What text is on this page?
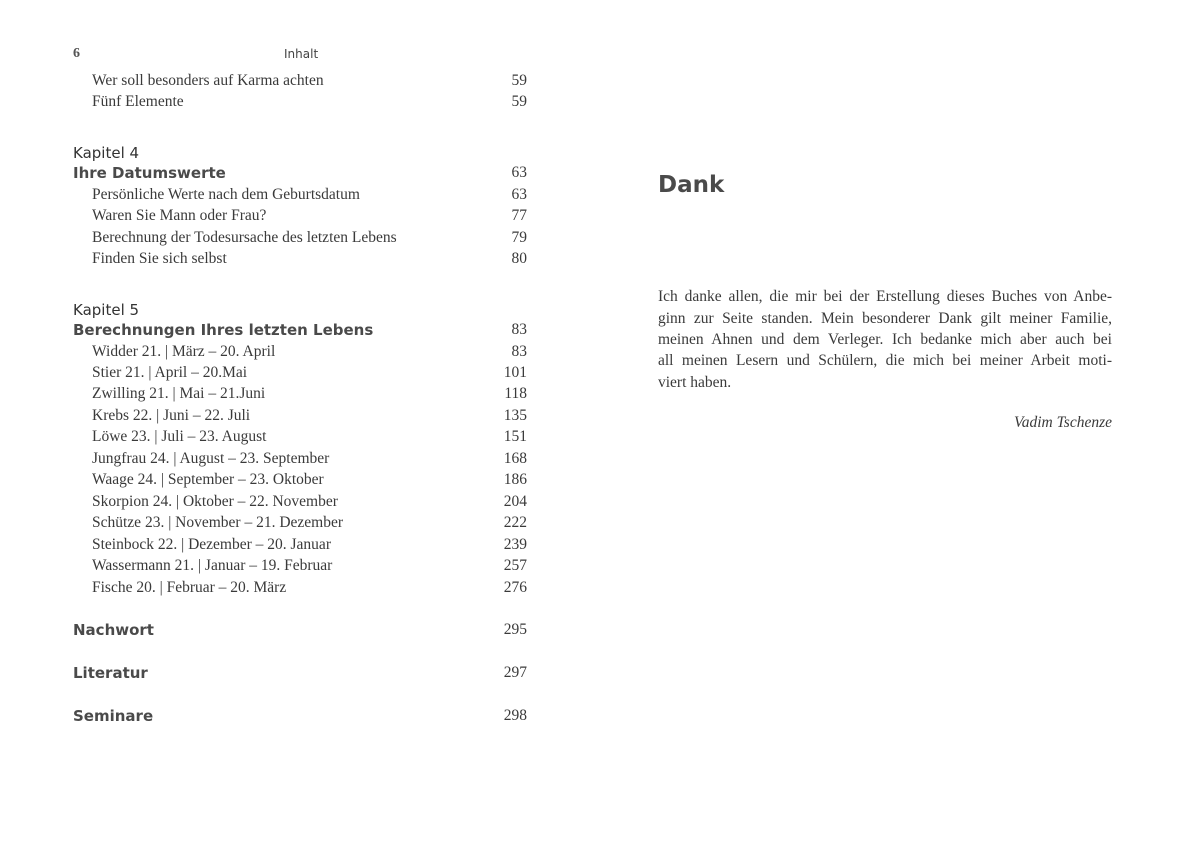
6	Inhalt
Wer soll besonders auf Karma achten	59
Fünf Elemente	59
Kapitel 4
Ihre Datumswerte	63
Persönliche Werte nach dem Geburtsdatum	63
Waren Sie Mann oder Frau?	77
Berechnung der Todesursache des letzten Lebens	79
Finden Sie sich selbst	80
Kapitel 5
Berechnungen Ihres letzten Lebens	83
Widder 21. | März – 20. April	83
Stier 21. | April – 20.Mai	101
Zwilling 21. | Mai – 21.Juni	118
Krebs 22. | Juni – 22. Juli	135
Löwe 23. | Juli – 23. August	151
Jungfrau 24. | August – 23. September	168
Waage 24. | September – 23. Oktober	186
Skorpion 24. | Oktober – 22. November	204
Schütze 23. | November – 21. Dezember	222
Steinbock 22. | Dezember – 20. Januar	239
Wassermann 21. | Januar – 19. Februar	257
Fische 20. | Februar – 20. März	276
Nachwort	295
Literatur	297
Seminare	298
Dank
Ich danke allen, die mir bei der Erstellung dieses Buches von Anbe-
ginn zur Seite standen. Mein besonderer Dank gilt meiner Familie,
meinen Ahnen und dem Verleger. Ich bedanke mich aber auch bei
all meinen Lesern und Schülern, die mich bei meiner Arbeit moti-
viert haben.
Vadim Tschenze
